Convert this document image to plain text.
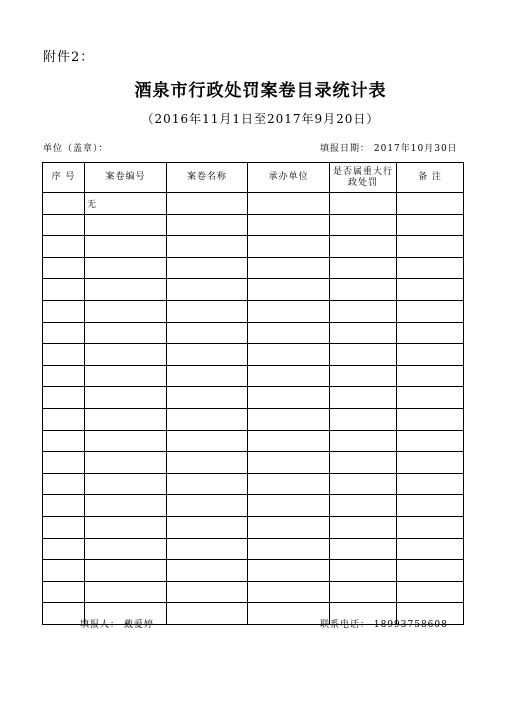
附件2：
酒泉市行政处罚案卷目录统计表
（2016年11月1日至2017年9月20日）
单位（盖章）：	填报日期： 2017年10月30日
序 号	案卷编号	案卷名称	承办单位	是否属重大行政处罚	备 注
	无				

填报人： 戴爱婷	联系电话： 18993758608
